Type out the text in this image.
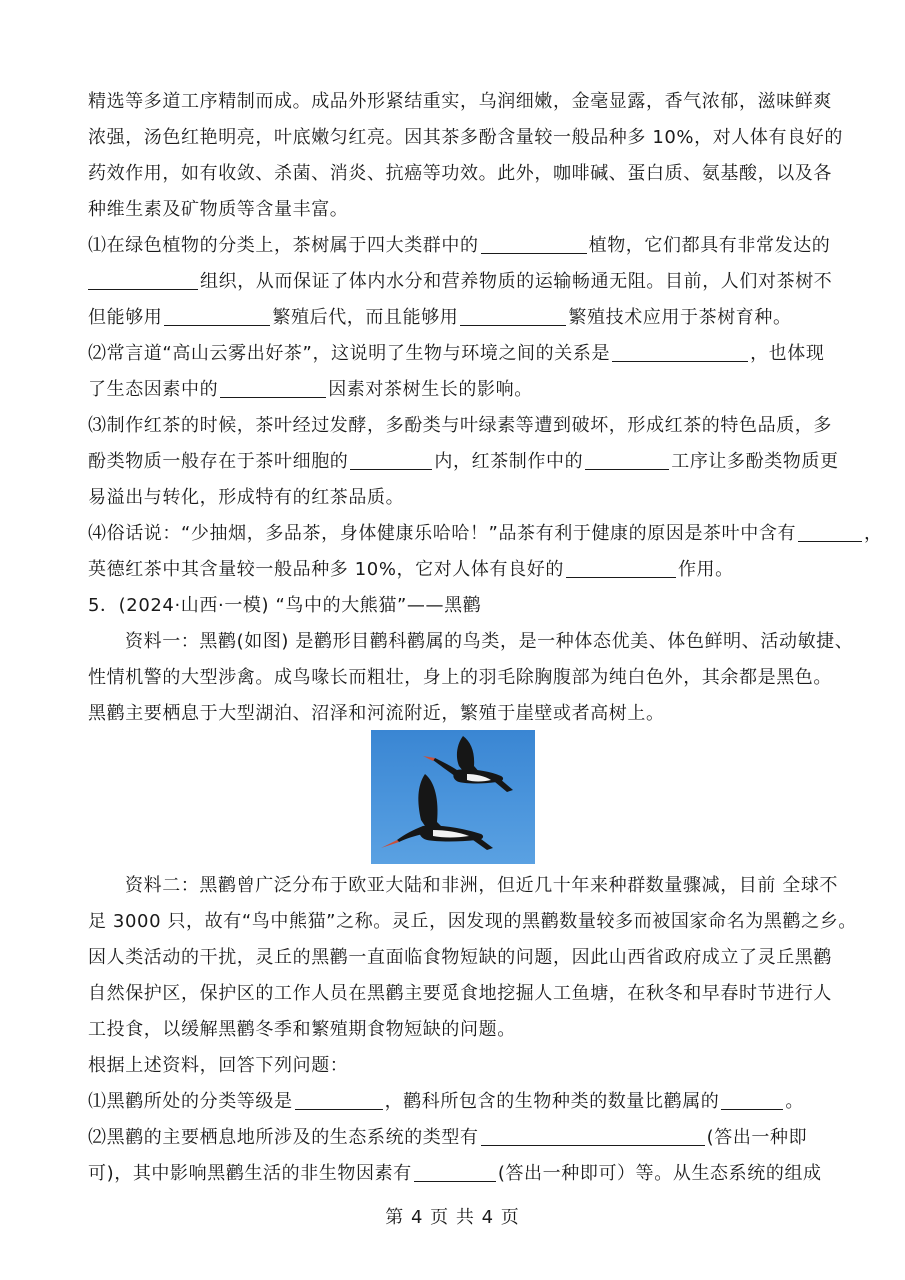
精选等多道工序精制而成。成品外形紧结重实，乌润细嫩，金毫显露，香气浓郁，滋味鲜爽
浓强，汤色红艳明亮，叶底嫩匀红亮。因其茶多酚含量较一般品种多 10%，对人体有良好的
药效作用，如有收敛、杀菌、消炎、抗癌等功效。此外，咖啡碱、蛋白质、氨基酸，以及各
种维生素及矿物质等含量丰富。
⑴在绿色植物的分类上，茶树属于四大类群中的	植物，它们都具有非常发达的
组织，从而保证了体内水分和营养物质的运输畅通无阻。目前，人们对茶树不
但能够用	繁殖后代，而且能够用	繁殖技术应用于茶树育种。
⑵常言道“高山云雾出好茶”，这说明了生物与环境之间的关系是	，也体现
了生态因素中的	因素对茶树生长的影响。
⑶制作红茶的时候，茶叶经过发酵，多酚类与叶绿素等遭到破坏，形成红茶的特色品质，多
酚类物质一般存在于茶叶细胞的	内，红茶制作中的	工序让多酚类物质更
易溢出与转化，形成特有的红茶品质。
⑷俗话说：“少抽烟，多品茶，身体健康乐哈哈！”品茶有利于健康的原因是茶叶中含有	，
英德红茶中其含量较一般品种多 10%，它对人体有良好的	作用。
5．(2024·山西·一模) “鸟中的大熊猫”——黑鹳
资料一：黑鹳(如图) 是鹳形目鹳科鹳属的鸟类，是一种体态优美、体色鲜明、活动敏捷、
性情机警的大型涉禽。成鸟喙长而粗壮，身上的羽毛除胸腹部为纯白色外，其余都是黑色。
黑鹳主要栖息于大型湖泊、沼泽和河流附近，繁殖于崖壁或者高树上。
资料二：黑鹳曾广泛分布于欧亚大陆和非洲，但近几十年来种群数量骤减，目前 全球不
足 3000 只，故有“鸟中熊猫”之称。灵丘，因发现的黑鹳数量较多而被国家命名为黑鹳之乡。
因人类活动的干扰，灵丘的黑鹳一直面临食物短缺的问题，因此山西省政府成立了灵丘黑鹳
自然保护区，保护区的工作人员在黑鹳主要觅食地挖掘人工鱼塘，在秋冬和早春时节进行人
工投食，以缓解黑鹳冬季和繁殖期食物短缺的问题。
根据上述资料，回答下列问题：
⑴黑鹳所处的分类等级是	，鹳科所包含的生物种类的数量比鹳属的	。
⑵黑鹳的主要栖息地所涉及的生态系统的类型有	(答出一种即
可)，其中影响黑鹳生活的非生物因素有	(答出一种即可）等。从生态系统的组成
第 4 页 共 4 页
